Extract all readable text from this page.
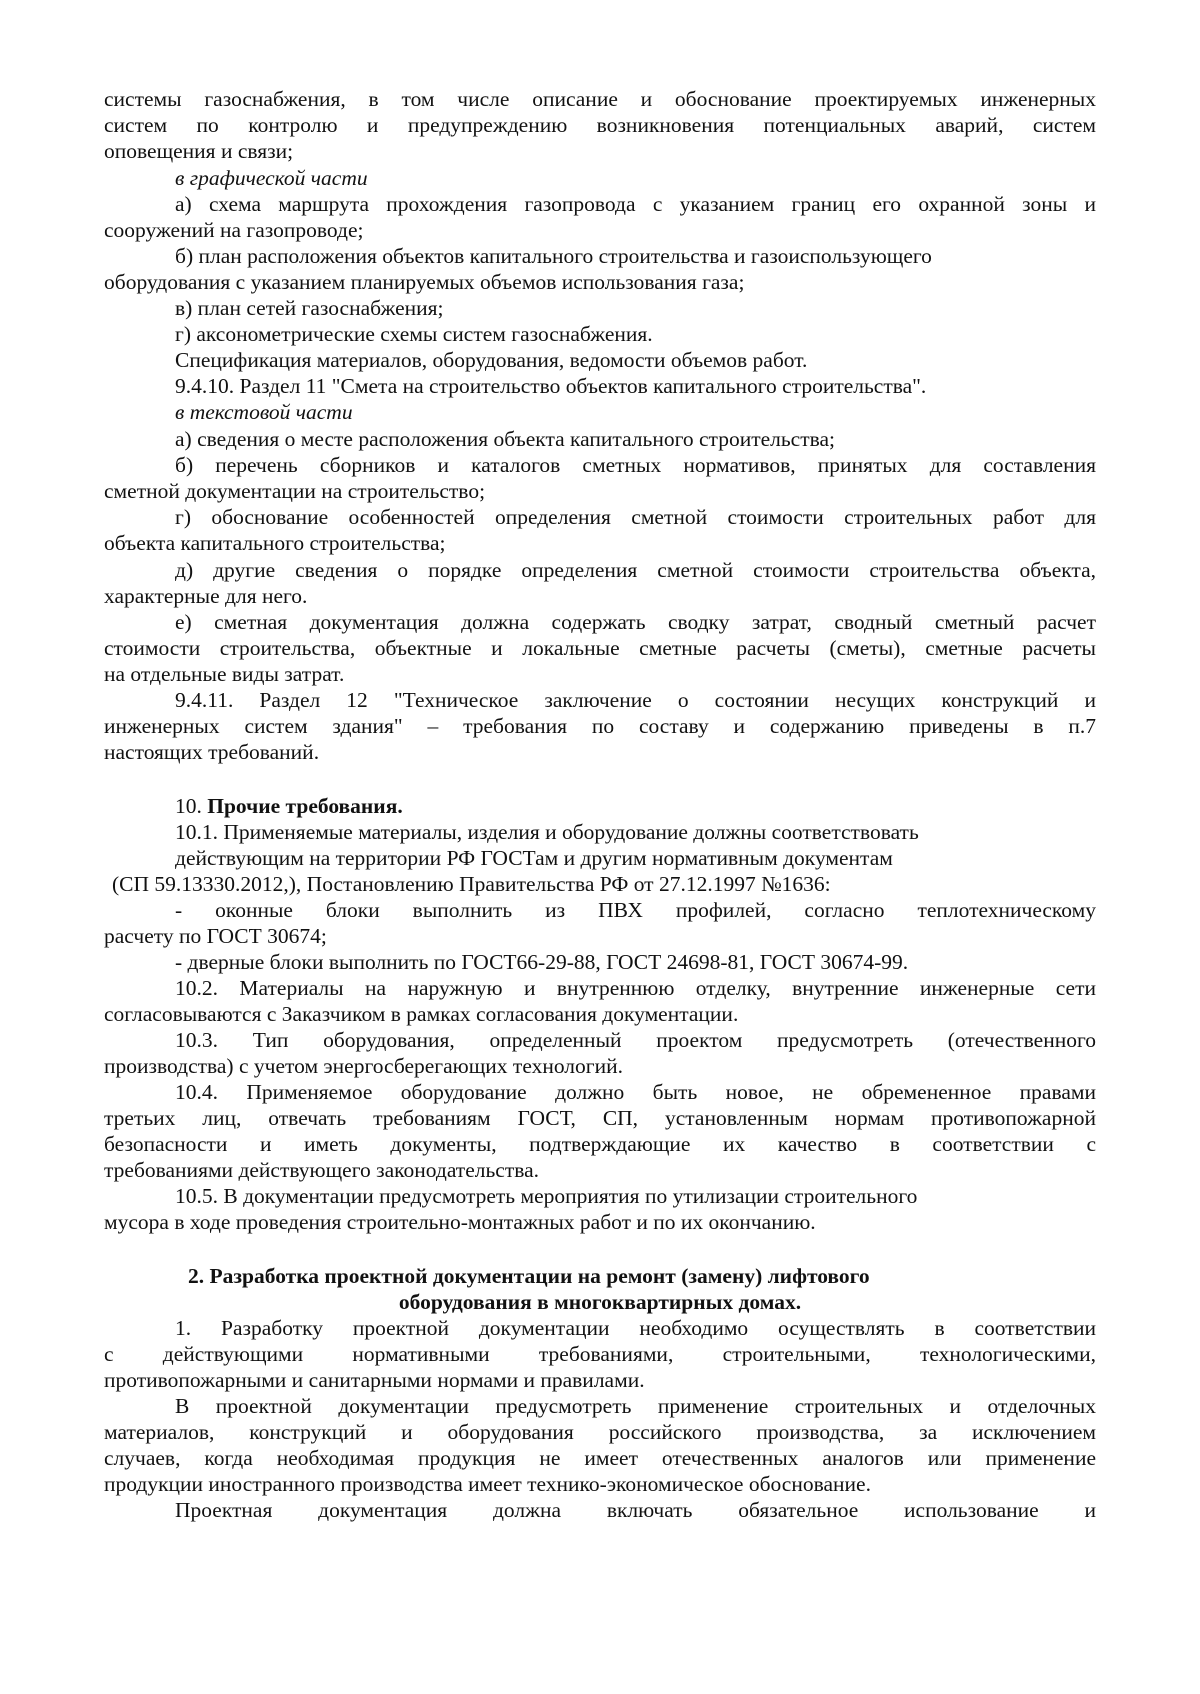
системы газоснабжения, в том числе описание и обоснование проектируемых инженерных
систем по контролю и предупреждению возникновения потенциальных аварий, систем
оповещения и связи;
в графической части
а) схема маршрута прохождения газопровода с указанием границ его охранной зоны и
сооружений на газопроводе;
б) план расположения объектов капитального строительства и газоиспользующего
оборудования с указанием планируемых объемов использования газа;
в) план сетей газоснабжения;
г) аксонометрические схемы систем газоснабжения.
Спецификация материалов, оборудования, ведомости объемов работ.
9.4.10. Раздел 11 "Смета на строительство объектов капитального строительства".
в текстовой части
а) сведения о месте расположения объекта капитального строительства;
б) перечень сборников и каталогов сметных нормативов, принятых для составления
сметной документации на строительство;
г) обоснование особенностей определения сметной стоимости строительных работ для
объекта капитального строительства;
д) другие сведения о порядке определения сметной стоимости строительства объекта,
характерные для него.
е) сметная документация должна содержать сводку затрат, сводный сметный расчет
стоимости строительства, объектные и локальные сметные расчеты (сметы), сметные расчеты
на отдельные виды затрат.
9.4.11. Раздел 12 "Техническое заключение о состоянии несущих конструкций и
инженерных систем здания" – требования по составу и содержанию приведены в п.7
настоящих требований.
10. Прочие требования.
10.1. Применяемые материалы, изделия и оборудование должны соответствовать
действующим на территории РФ ГОСТам и другим нормативным документам
(СП 59.13330.2012,), Постановлению Правительства РФ от 27.12.1997 №1636:
- оконные блоки выполнить из ПВХ профилей, согласно теплотехническому
расчету по ГОСТ 30674;
- дверные блоки выполнить по ГОСТ66-29-88, ГОСТ 24698-81, ГОСТ 30674-99.
10.2. Материалы на наружную и внутреннюю отделку, внутренние инженерные сети
согласовываются с Заказчиком в рамках согласования документации.
10.3. Тип оборудования, определенный проектом предусмотреть (отечественного
производства) с учетом энергосберегающих технологий.
10.4. Применяемое оборудование должно быть новое, не обремененное правами
третьих лиц, отвечать требованиям ГОСТ, СП, установленным нормам противопожарной
безопасности и иметь документы, подтверждающие их качество в соответствии с
требованиями действующего законодательства.
10.5. В документации предусмотреть мероприятия по утилизации строительного
мусора в ходе проведения строительно-монтажных работ и по их окончанию.
2. Разработка проектной документации на ремонт (замену) лифтового
оборудования в многоквартирных домах.
1. Разработку проектной документации необходимо осуществлять в соответствии
с действующими нормативными требованиями, строительными, технологическими,
противопожарными и санитарными нормами и правилами.
В проектной документации предусмотреть применение строительных и отделочных
материалов, конструкций и оборудования российского производства, за исключением
случаев, когда необходимая продукция не имеет отечественных аналогов или применение
продукции иностранного производства имеет технико-экономическое обоснование.
Проектная документация должна включать обязательное использование и
